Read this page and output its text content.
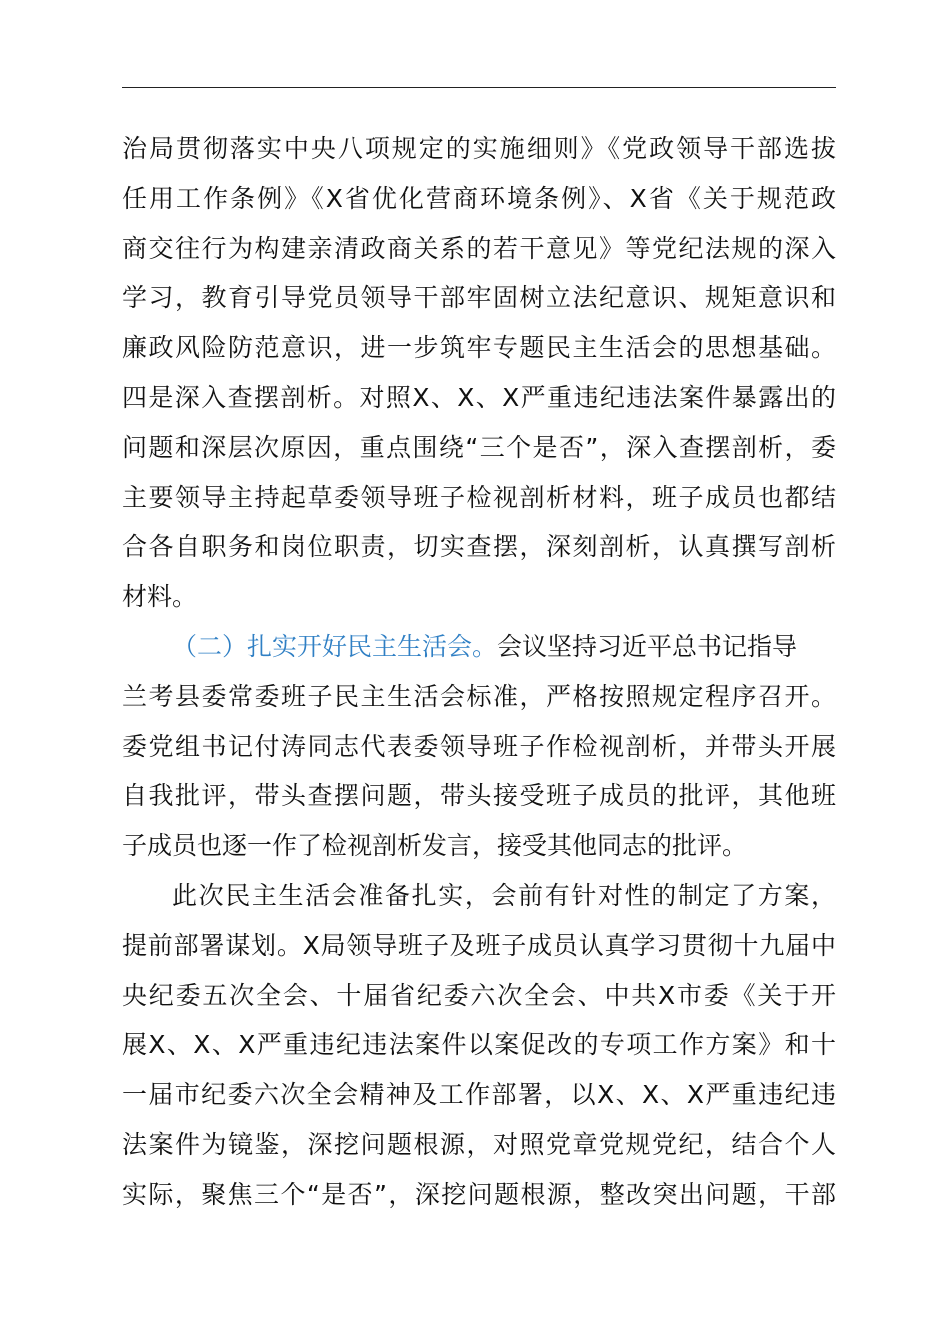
治局贯彻落实中央八项规定的实施细则》《党政领导干部选拔
任用工作条例》《X省优化营商环境条例》、X省《关于规范政
商交往行为构建亲清政商关系的若干意见》等党纪法规的深入
学习，教育引导党员领导干部牢固树立法纪意识、规矩意识和
廉政风险防范意识，进一步筑牢专题民主生活会的思想基础。
四是深入查摆剖析。对照X、X、X严重违纪违法案件暴露出的
问题和深层次原因，重点围绕“三个是否”，深入查摆剖析，委
主要领导主持起草委领导班子检视剖析材料，班子成员也都结
合各自职务和岗位职责，切实查摆，深刻剖析，认真撰写剖析
材料。
（二）扎实开好民主生活会。会议坚持习近平总书记指导
兰考县委常委班子民主生活会标准，严格按照规定程序召开。
委党组书记付涛同志代表委领导班子作检视剖析，并带头开展
自我批评，带头查摆问题，带头接受班子成员的批评，其他班
子成员也逐一作了检视剖析发言，接受其他同志的批评。
此次民主生活会准备扎实，会前有针对性的制定了方案，
提前部署谋划。X局领导班子及班子成员认真学习贯彻十九届中
央纪委五次全会、十届省纪委六次全会、中共X市委《关于开
展X、X、X严重违纪违法案件以案促改的专项工作方案》和十
一届市纪委六次全会精神及工作部署，以X、X、X严重违纪违
法案件为镜鉴，深挖问题根源，对照党章党规党纪，结合个人
实际，聚焦三个“是否”，深挖问题根源，整改突出问题，干部
